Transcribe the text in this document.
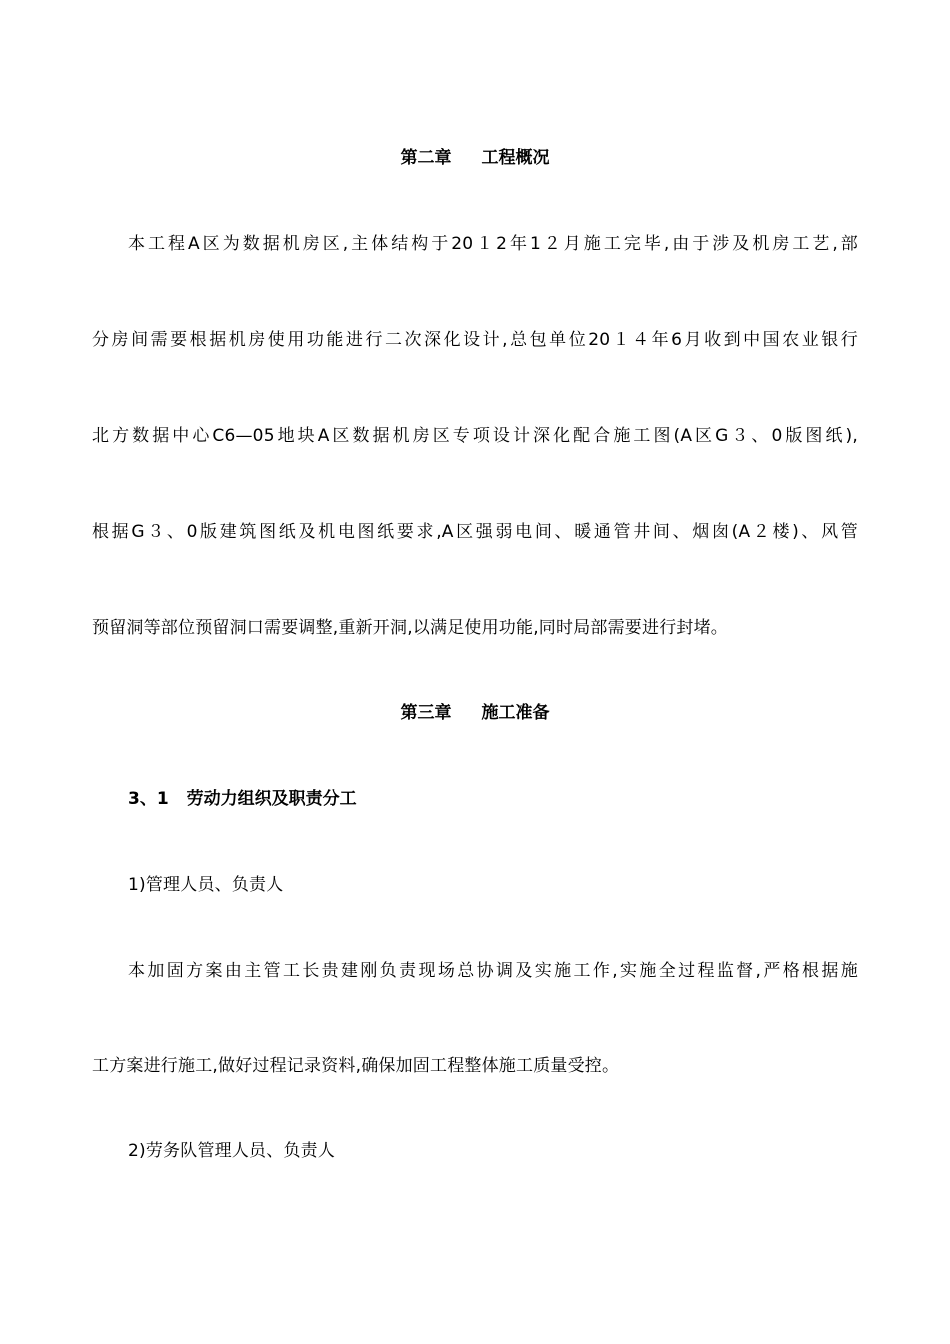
第二章 工程概况
本工程A区为数据机房区,主体结构于20１2年1２月施工完毕,由于涉及机房工艺,部
分房间需要根据机房使用功能进行二次深化设计,总包单位20１４年6月收到中国农业银行
北方数据中心C6—05地块A区数据机房区专项设计深化配合施工图(A区G３、0版图纸),
根据G３、0版建筑图纸及机电图纸要求,A区强弱电间、暖通管井间、烟囱(A２楼)、风管
预留洞等部位预留洞口需要调整,重新开洞,以满足使用功能,同时局部需要进行封堵。
第三章 施工准备
3、1 劳动力组织及职责分工
1)管理人员、负责人
本加固方案由主管工长贵建刚负责现场总协调及实施工作,实施全过程监督,严格根据施
工方案进行施工,做好过程记录资料,确保加固工程整体施工质量受控。
2)劳务队管理人员、负责人
